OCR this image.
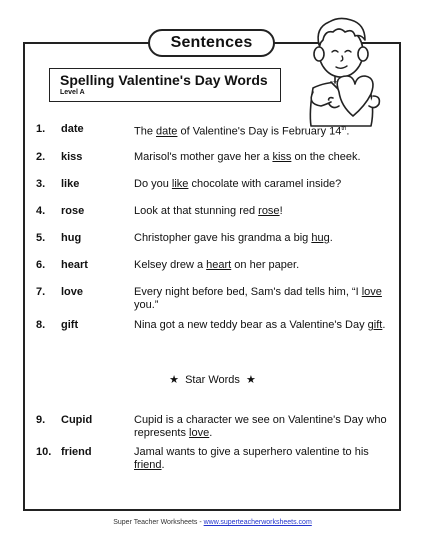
Sentences
Spelling Valentine's Day Words
Level A
1. date	The date of Valentine's Day is February 14th.
2. kiss	Marisol's mother gave her a kiss on the cheek.
3. like	Do you like chocolate with caramel inside?
4. rose	Look at that stunning red rose!
5. hug	Christopher gave his grandma a big hug.
6. heart	Kelsey drew a heart on her paper.
7. love	Every night before bed, Sam's dad tells him, “I love you.”
8. gift	Nina got a new teddy bear as a Valentine's Day gift.
★ Star Words ★
9. Cupid	Cupid is a character we see on Valentine's Day who represents love.
10. friend	Jamal wants to give a superhero valentine to his friend.
Super Teacher Worksheets - www.superteacherworksheets.com
